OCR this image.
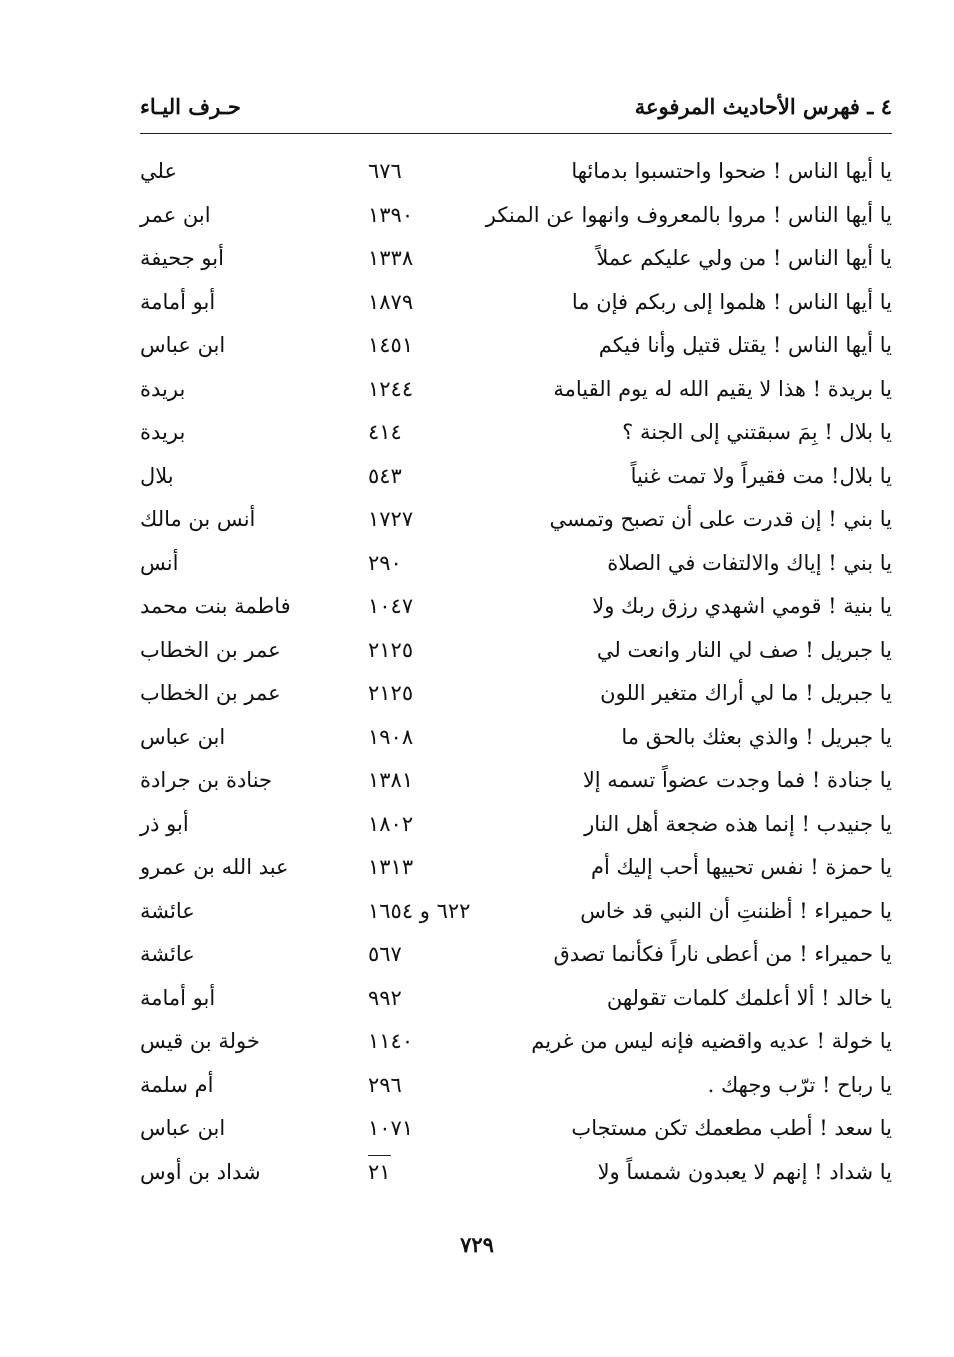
٤ ـ فهرس الأحاديث المرفوعة
حـرف اليـاء
يا أيها الناس ! ضحوا واحتسبوا بدمائها
٦٧٦
علي
يا أيها الناس ! مروا بالمعروف وانهوا عن المنكر
١٣٩٠
ابن عمر
يا أيها الناس ! من ولي عليكم عملاً
١٣٣٨
أبو جحيفة
يا أيها الناس ! هلموا إلى ربكم فإن ما
١٨٧٩
أبو أمامة
يا أيها الناس ! يقتل قتيل وأنا فيكم
١٤٥١
ابن عباس
يا بريدة ! هذا لا يقيم الله له يوم القيامة
١٢٤٤
بريدة
يا بلال ! بِمَ سبقتني إلى الجنة ؟
٤١٤
بريدة
يا بلال! مت فقيراً ولا تمت غنياً
٥٤٣
بلال
يا بني ! إن قدرت على أن تصبح وتمسي
١٧٢٧
أنس بن مالك
يا بني ! إياك والالتفات في الصلاة
٢٩٠
أنس
يا بنية ! قومي اشهدي رزق ربك ولا
١٠٤٧
فاطمة بنت محمد
يا جبريل ! صف لي النار وانعت لي
٢١٢٥
عمر بن الخطاب
يا جبريل ! ما لي أراك متغير اللون
٢١٢٥
عمر بن الخطاب
يا جبريل ! والذي بعثك بالحق ما
١٩٠٨
ابن عباس
يا جنادة ! فما وجدت عضواً تسمه إلا
١٣٨١
جنادة بن جرادة
يا جنيدب ! إنما هذه ضجعة أهل النار
١٨٠٢
أبو ذر
يا حمزة ! نفس تحييها أحب إليك أم
١٣١٣
عبد الله بن عمرو
يا حميراء ! أظننتِ أن النبي قد خاس
٦٢٢ و ١٦٥٤
عائشة
يا حميراء ! من أعطى ناراً فكأنما تصدق
٥٦٧
عائشة
يا خالد ! ألا أعلمك كلمات تقولهن
٩٩٢
أبو أمامة
يا خولة ! عديه واقضيه فإنه ليس من غريم
١١٤٠
خولة بن قيس
يا رباح ! ترّب وجهك .
٢٩٦
أم سلمة
يا سعد ! أطب مطعمك تكن مستجاب
١٠٧١
ابن عباس
يا شداد ! إنهم لا يعبدون شمساً ولا
٢١
شداد بن أوس
٧٢٩
